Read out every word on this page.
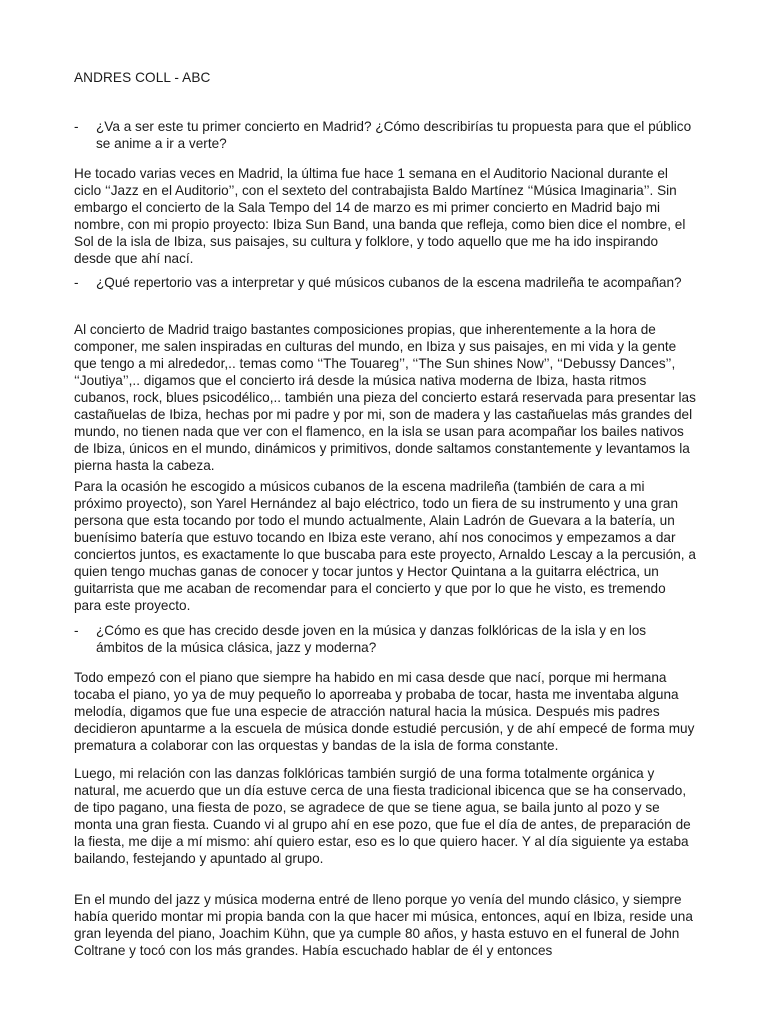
ANDRES COLL - ABC
- ¿Va a ser este tu primer concierto en Madrid? ¿Cómo describirías tu propuesta para que el público se anime a ir a verte?
He tocado varias veces en Madrid, la última fue hace 1 semana en el Auditorio Nacional durante el ciclo ‘‘Jazz en el Auditorio’’, con el sexteto del contrabajista Baldo Martínez ‘‘Música Imaginaria’’. Sin embargo el concierto de la Sala Tempo del 14 de marzo es mi primer concierto en Madrid bajo mi nombre, con mi propio proyecto: Ibiza Sun Band, una banda que refleja, como bien dice el nombre, el Sol de la isla de Ibiza, sus paisajes, su cultura y folklore, y todo aquello que me ha ido inspirando desde que ahí nací.
- ¿Qué repertorio vas a interpretar y qué músicos cubanos de la escena madrileña te acompañan?
Al concierto de Madrid traigo bastantes composiciones propias, que inherentemente a la hora de componer, me salen inspiradas en culturas del mundo, en Ibiza y sus paisajes, en mi vida y la gente que tengo a mi alrededor,.. temas como ‘‘The Touareg’’, ‘‘The Sun shines Now’’, ‘‘Debussy Dances’’, ‘‘Joutiya’’,.. digamos que el concierto irá desde la música nativa moderna de Ibiza, hasta ritmos cubanos, rock, blues psicodélico,.. también una pieza del concierto estará reservada para presentar las castañuelas de Ibiza, hechas por mi padre y por mi, son de madera y las castañuelas más grandes del mundo, no tienen nada que ver con el flamenco, en la isla se usan para acompañar los bailes nativos de Ibiza, únicos en el mundo, dinámicos y primitivos, donde saltamos constantemente y levantamos la pierna hasta la cabeza.
Para la ocasión he escogido a músicos cubanos de la escena madrileña (también de cara a mi próximo proyecto), son Yarel Hernández al bajo eléctrico, todo un fiera de su instrumento y una gran persona que esta tocando por todo el mundo actualmente, Alain Ladrón de Guevara a la batería, un buenísimo batería que estuvo tocando en Ibiza este verano, ahí nos conocimos y empezamos a dar conciertos juntos, es exactamente lo que buscaba para este proyecto, Arnaldo Lescay a la percusión, a quien tengo muchas ganas de conocer y tocar juntos y Hector Quintana a la guitarra eléctrica, un guitarrista que me acaban de recomendar para el concierto y que por lo que he visto, es tremendo para este proyecto.
- ¿Cómo es que has crecido desde joven en la música y danzas folklóricas de la isla y en los ámbitos de la música clásica, jazz y moderna?
Todo empezó con el piano que siempre ha habido en mi casa desde que nací, porque mi hermana tocaba el piano, yo ya de muy pequeño lo aporreaba y probaba de tocar, hasta me inventaba alguna melodía, digamos que fue una especie de atracción natural hacia la música. Después mis padres decidieron apuntarme a la escuela de música donde estudié percusión, y de ahí empecé de forma muy prematura a colaborar con las orquestas y bandas de la isla de forma constante.
Luego, mi relación con las danzas folklóricas también surgió de una forma totalmente orgánica y natural, me acuerdo que un día estuve cerca de una fiesta tradicional ibicenca que se ha conservado, de tipo pagano, una fiesta de pozo, se agradece de que se tiene agua, se baila junto al pozo y se monta una gran fiesta. Cuando vi al grupo ahí en ese pozo, que fue el día de antes, de preparación de la fiesta, me dije a mí mismo: ahí quiero estar, eso es lo que quiero hacer. Y al día siguiente ya estaba bailando, festejando y apuntado al grupo.
En el mundo del jazz y música moderna entré de lleno porque yo venía del mundo clásico, y siempre había querido montar mi propia banda con la que hacer mi música, entonces, aquí en Ibiza, reside una gran leyenda del piano, Joachim Kühn, que ya cumple 80 años, y hasta estuvo en el funeral de John Coltrane y tocó con los más grandes. Había escuchado hablar de él y entonces
